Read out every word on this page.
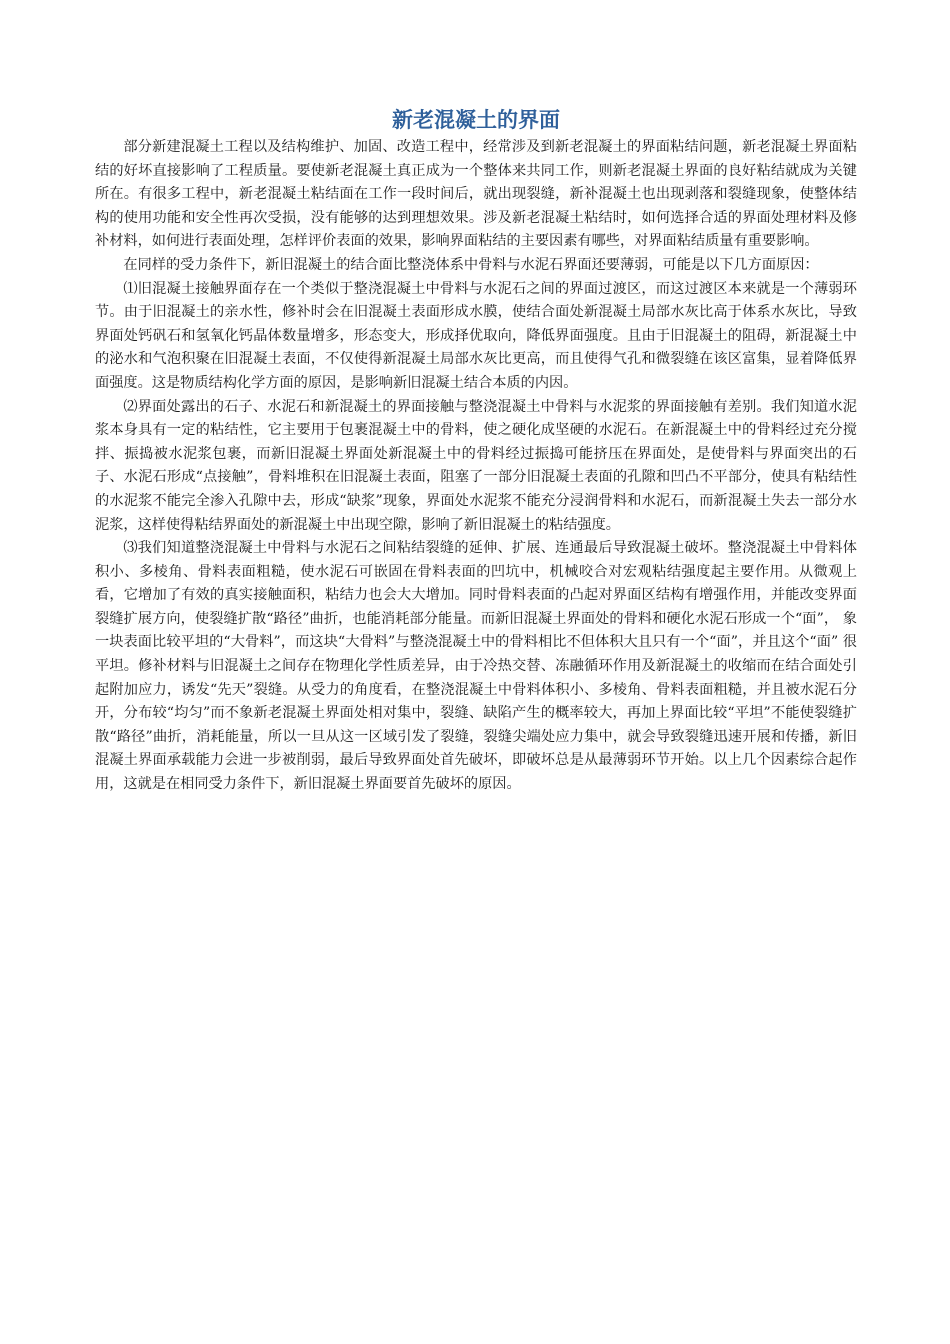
新老混凝土的界面

部分新建混凝土工程以及结构维护、加固、改造工程中，经常涉及到新老混凝土的界面粘结问题，新老混凝土界面粘结的好坏直接影响了工程质量。要使新老混凝土真正成为一个整体来共同工作，则新老混凝土界面的良好粘结就成为关键所在。有很多工程中，新老混凝土粘结面在工作一段时间后，就出现裂缝，新补混凝土也出现剥落和裂缝现象，使整体结构的使用功能和安全性再次受损，没有能够的达到理想效果。涉及新老混凝土粘结时，如何选择合适的界面处理材料及修补材料，如何进行表面处理，怎样评价表面的效果，影响界面粘结的主要因素有哪些，对界面粘结质量有重要影响。

在同样的受力条件下，新旧混凝土的结合面比整浇体系中骨料与水泥石界面还要薄弱，可能是以下几方面原因：

⑴旧混凝土接触界面存在一个类似于整浇混凝土中骨料与水泥石之间的界面过渡区，而这过渡区本来就是一个薄弱环节。由于旧混凝土的亲水性，修补时会在旧混凝土表面形成水膜，使结合面处新混凝土局部水灰比高于体系水灰比，导致界面处钙矾石和氢氧化钙晶体数量增多，形态变大，形成择优取向，降低界面强度。且由于旧混凝土的阻碍，新混凝土中的泌水和气泡积聚在旧混凝土表面，不仅使得新混凝土局部水灰比更高，而且使得气孔和微裂缝在该区富集，显着降低界面强度。这是物质结构化学方面的原因，是影响新旧混凝土结合本质的内因。

⑵界面处露出的石子、水泥石和新混凝土的界面接触与整浇混凝土中骨料与水泥浆的界面接触有差别。我们知道水泥浆本身具有一定的粘结性，它主要用于包裹混凝土中的骨料，使之硬化成坚硬的水泥石。在新混凝土中的骨料经过充分搅拌、振捣被水泥浆包裹，而新旧混凝土界面处新混凝土中的骨料经过振捣可能挤压在界面处，是使骨料与界面突出的石子、水泥石形成“点接触”，骨料堆积在旧混凝土表面，阻塞了一部分旧混凝土表面的孔隙和凹凸不平部分，使具有粘结性的水泥浆不能完全渗入孔隙中去，形成“缺浆”现象，界面处水泥浆不能充分浸润骨料和水泥石，而新混凝土失去一部分水泥浆，这样使得粘结界面处的新混凝土中出现空隙，影响了新旧混凝土的粘结强度。

⑶我们知道整浇混凝土中骨料与水泥石之间粘结裂缝的延伸、扩展、连通最后导致混凝土破坏。整浇混凝土中骨料体积小、多棱角、骨料表面粗糙，使水泥石可嵌固在骨料表面的凹坑中，机械咬合对宏观粘结强度起主要作用。从微观上看，它增加了有效的真实接触面积，粘结力也会大大增加。同时骨料表面的凸起对界面区结构有增强作用，并能改变界面裂缝扩展方向，使裂缝扩散“路径”曲折，也能消耗部分能量。而新旧混凝土界面处的骨料和硬化水泥石形成一个“面”， 象一块表面比较平坦的“大骨料”，而这块“大骨料”与整浇混凝土中的骨料相比不但体积大且只有一个“面”，并且这个“面” 很 平坦。修补材料与旧混凝土之间存在物理化学性质差异，由于冷热交替、冻融循环作用及新混凝土的收缩而在结合面处引起附加应力，诱发“先天”裂缝。从受力的角度看，在整浇混凝土中骨料体积小、多棱角、骨料表面粗糙，并且被水泥石分开，分布较“均匀”而不象新老混凝土界面处相对集中，裂缝、缺陷产生的概率较大，再加上界面比较“平坦”不能使裂缝扩散“路径”曲折，消耗能量，所以一旦从这一区域引发了裂缝，裂缝尖端处应力集中，就会导致裂缝迅速开展和传播，新旧混凝土界面承载能力会进一步被削弱，最后导致界面处首先破坏，即破坏总是从最薄弱环节开始。以上几个因素综合起作用，这就是在相同受力条件下，新旧混凝土界面要首先破坏的原因。
